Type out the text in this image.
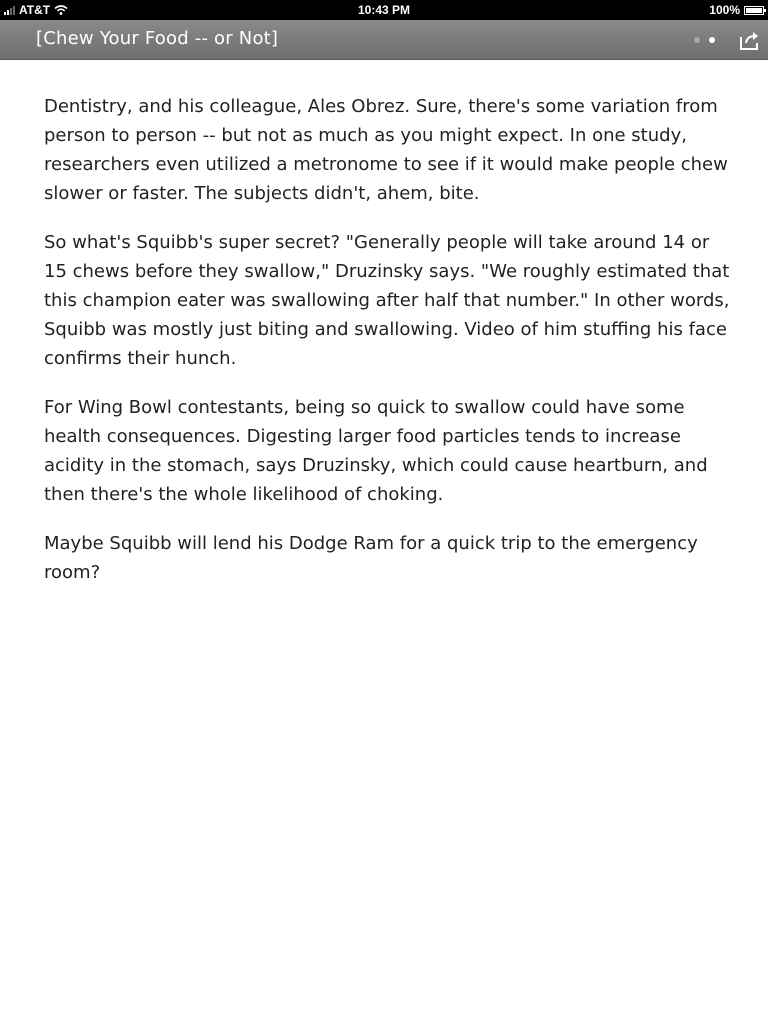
AT&T	10:43 PM	100%
[Chew Your Food -- or Not]

Dentistry, and his colleague, Ales Obrez. Sure, there's some variation from person to person -- but not as much as you might expect. In one study, researchers even utilized a metronome to see if it would make people chew slower or faster. The subjects didn't, ahem, bite.

So what's Squibb's super secret? "Generally people will take around 14 or 15 chews before they swallow," Druzinsky says. "We roughly estimated that this champion eater was swallowing after half that number." In other words, Squibb was mostly just biting and swallowing. Video of him stuffing his face confirms their hunch.

For Wing Bowl contestants, being so quick to swallow could have some health consequences. Digesting larger food particles tends to increase acidity in the stomach, says Druzinsky, which could cause heartburn, and then there's the whole likelihood of choking.

Maybe Squibb will lend his Dodge Ram for a quick trip to the emergency room?
